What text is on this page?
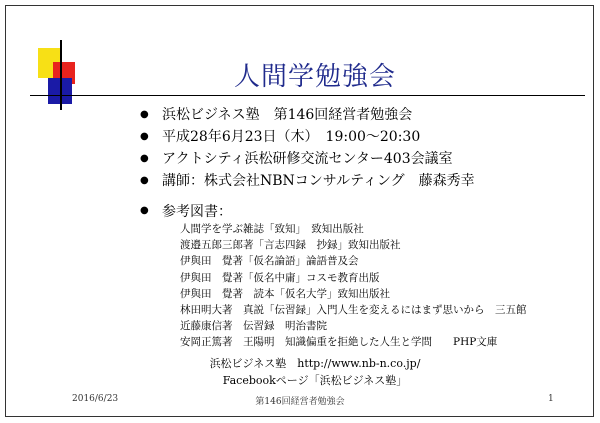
人間学勉強会
● 浜松ビジネス塾　第146回経営者勉強会
● 平成28年6月23日（木）　19:00～20:30
● アクトシティ浜松研修交流センター403会議室
● 講師：株式会社NBNコンサルティング　藤森秀幸
● 参考図書：
人間学を学ぶ雑誌「致知」　致知出版社
渡邉五郎三郎著「言志四録　抄録」致知出版社
伊與田　覺著「仮名論語」論語普及会
伊與田　覺著「仮名中庸」コスモ教育出版
伊與田　覺著　読本「仮名大学」致知出版社
林田明大著　真説「伝習録」入門人生を変えるにはまず思いから　三五館
近藤康信著　伝習録　明治書院
安岡正篤著　王陽明　知識偏重を拒絶した人生と学問　　PHP文庫
浜松ビジネス塾　http://www.nb-n.co.jp/
Facebookページ「浜松ビジネス塾」
2016/6/23	第146回経営者勉強会	1
